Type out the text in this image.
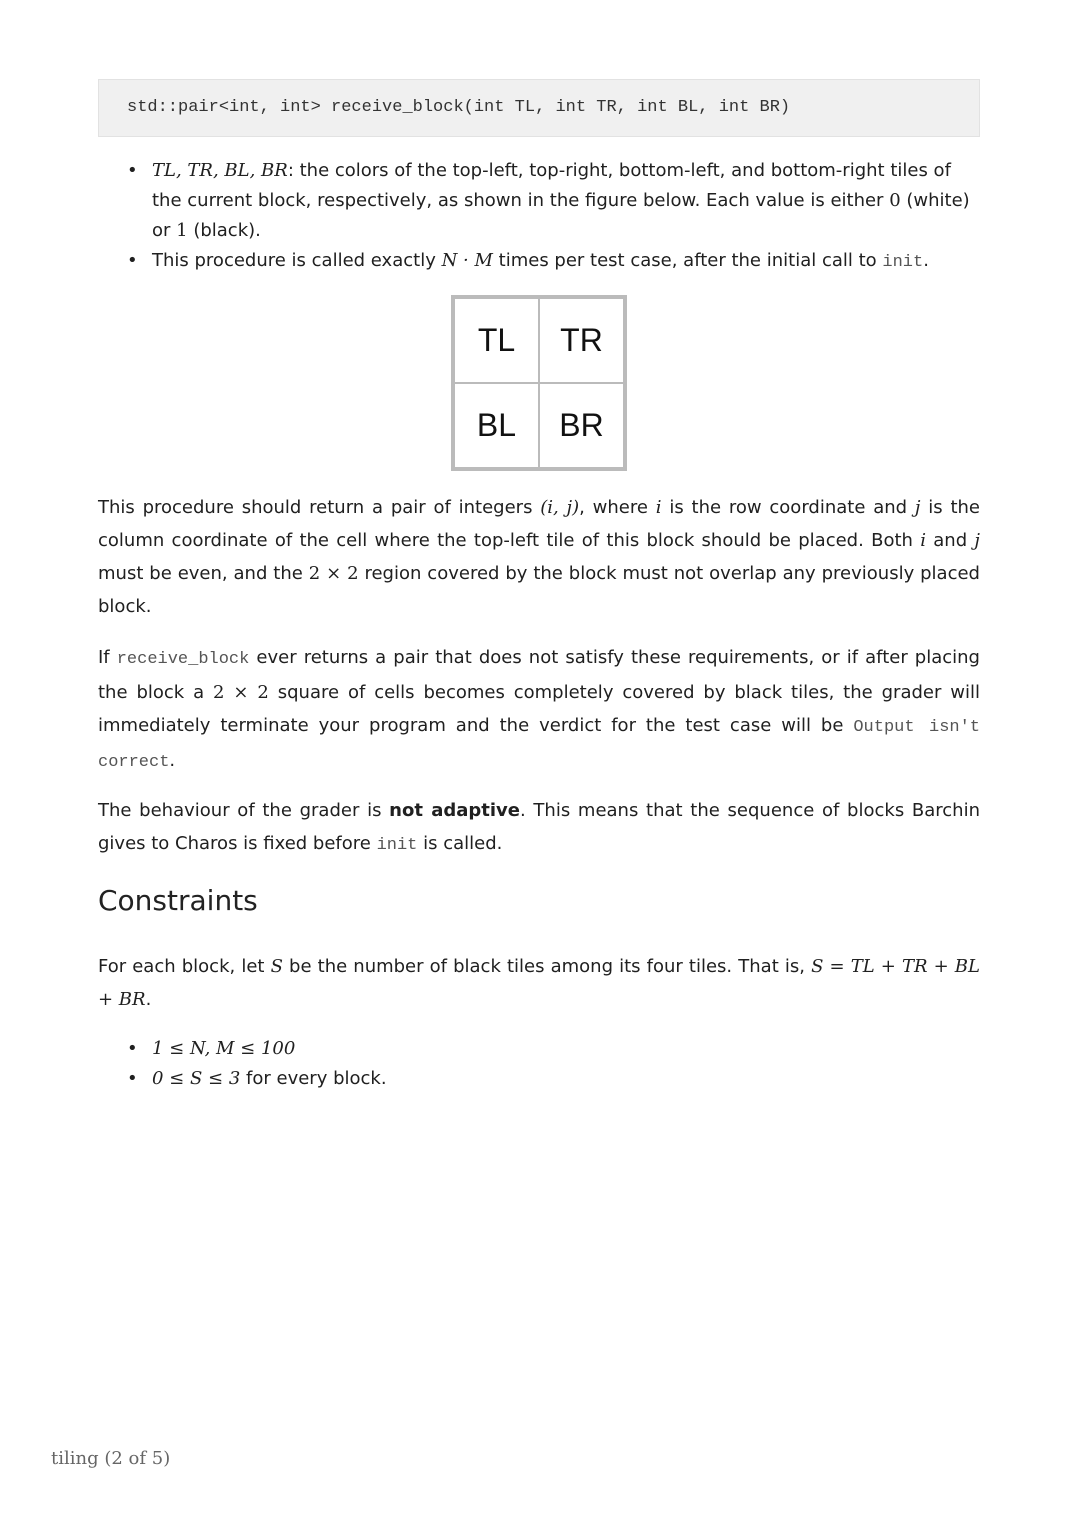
std::pair<int, int> receive_block(int TL, int TR, int BL, int BR)
• TL, TR, BL, BR: the colors of the top-left, top-right, bottom-left, and bottom-right tiles of the current block, respectively, as shown in the figure below. Each value is either 0 (white) or 1 (black).
• This procedure is called exactly N · M times per test case, after the initial call to init.
TL	TR
BL	BR

This procedure should return a pair of integers (i, j), where i is the row coordinate and j is the column coordinate of the cell where the top-left tile of this block should be placed. Both i and j must be even, and the 2 × 2 region covered by the block must not overlap any previously placed block.

If receive_block ever returns a pair that does not satisfy these requirements, or if after placing the block a 2 × 2 square of cells becomes completely covered by black tiles, the grader will immediately terminate your program and the verdict for the test case will be Output isn't correct.

The behaviour of the grader is not adaptive. This means that the sequence of blocks Barchin gives to Charos is fixed before init is called.

Constraints

For each block, let S be the number of black tiles among its four tiles. That is, S = TL + TR + BL + BR.

• 1 ≤ N, M ≤ 100
• 0 ≤ S ≤ 3 for every block.
tiling (2 of 5)
